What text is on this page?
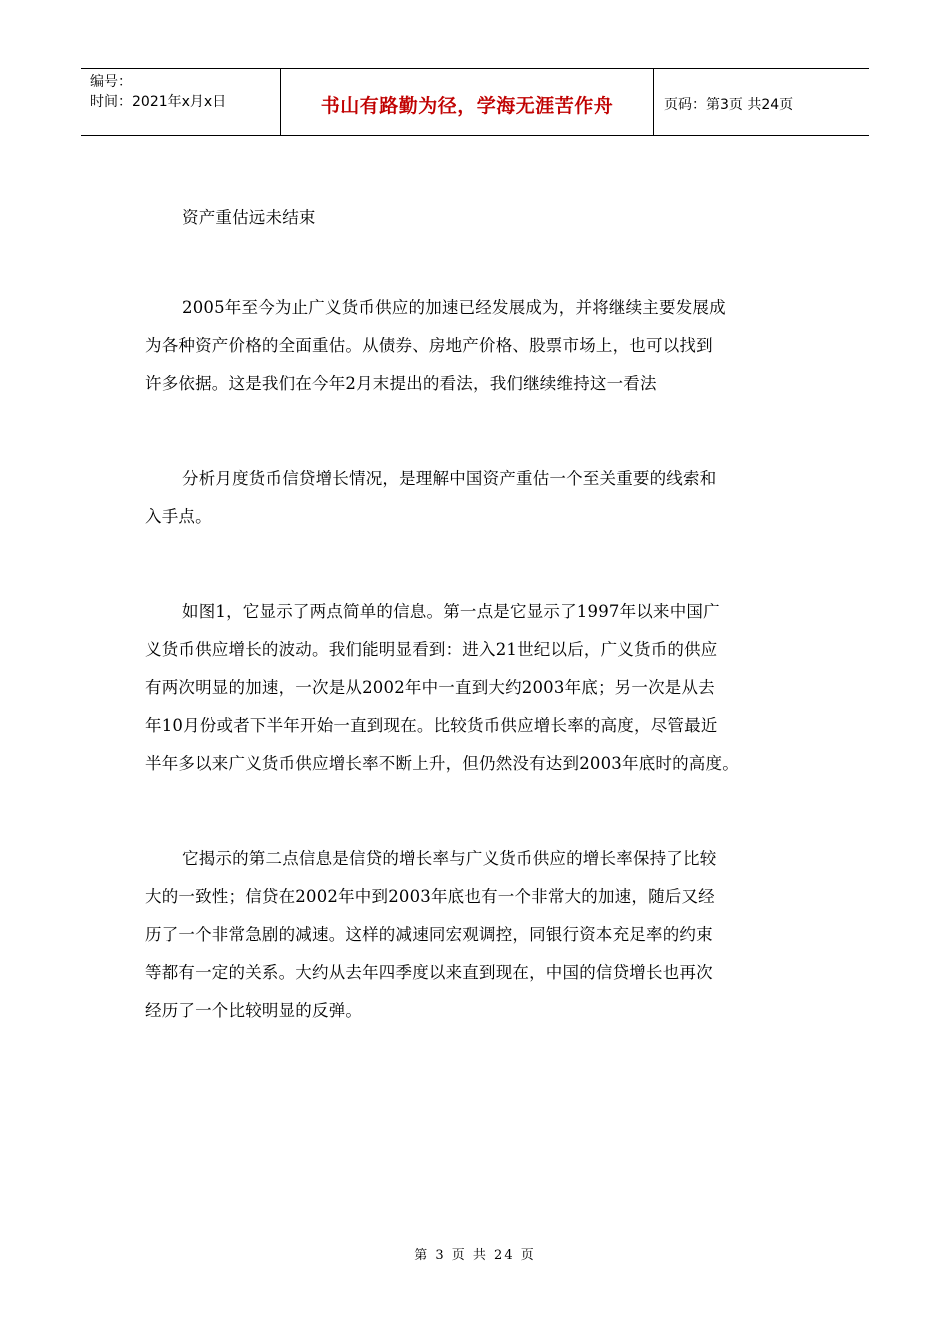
编号：
时间：2021年x月x日	书山有路勤为径，学海无涯苦作舟	页码：第3页 共24页
资产重估远未结束
2005年至今为止广义货币供应的加速已经发展成为，并将继续主要发展成
为各种资产价格的全面重估。从债券、房地产价格、股票市场上，也可以找到
许多依据。这是我们在今年2月末提出的看法，我们继续维持这一看法
分析月度货币信贷增长情况，是理解中国资产重估一个至关重要的线索和
入手点。
如图1，它显示了两点简单的信息。第一点是它显示了1997年以来中国广
义货币供应增长的波动。我们能明显看到：进入21世纪以后，广义货币的供应
有两次明显的加速，一次是从2002年中一直到大约2003年底；另一次是从去
年10月份或者下半年开始一直到现在。比较货币供应增长率的高度，尽管最近
半年多以来广义货币供应增长率不断上升，但仍然没有达到2003年底时的高度。
它揭示的第二点信息是信贷的增长率与广义货币供应的增长率保持了比较
大的一致性；信贷在2002年中到2003年底也有一个非常大的加速，随后又经
历了一个非常急剧的减速。这样的减速同宏观调控，同银行资本充足率的约束
等都有一定的关系。大约从去年四季度以来直到现在，中国的信贷增长也再次
经历了一个比较明显的反弹。
第 3 页 共 24 页
